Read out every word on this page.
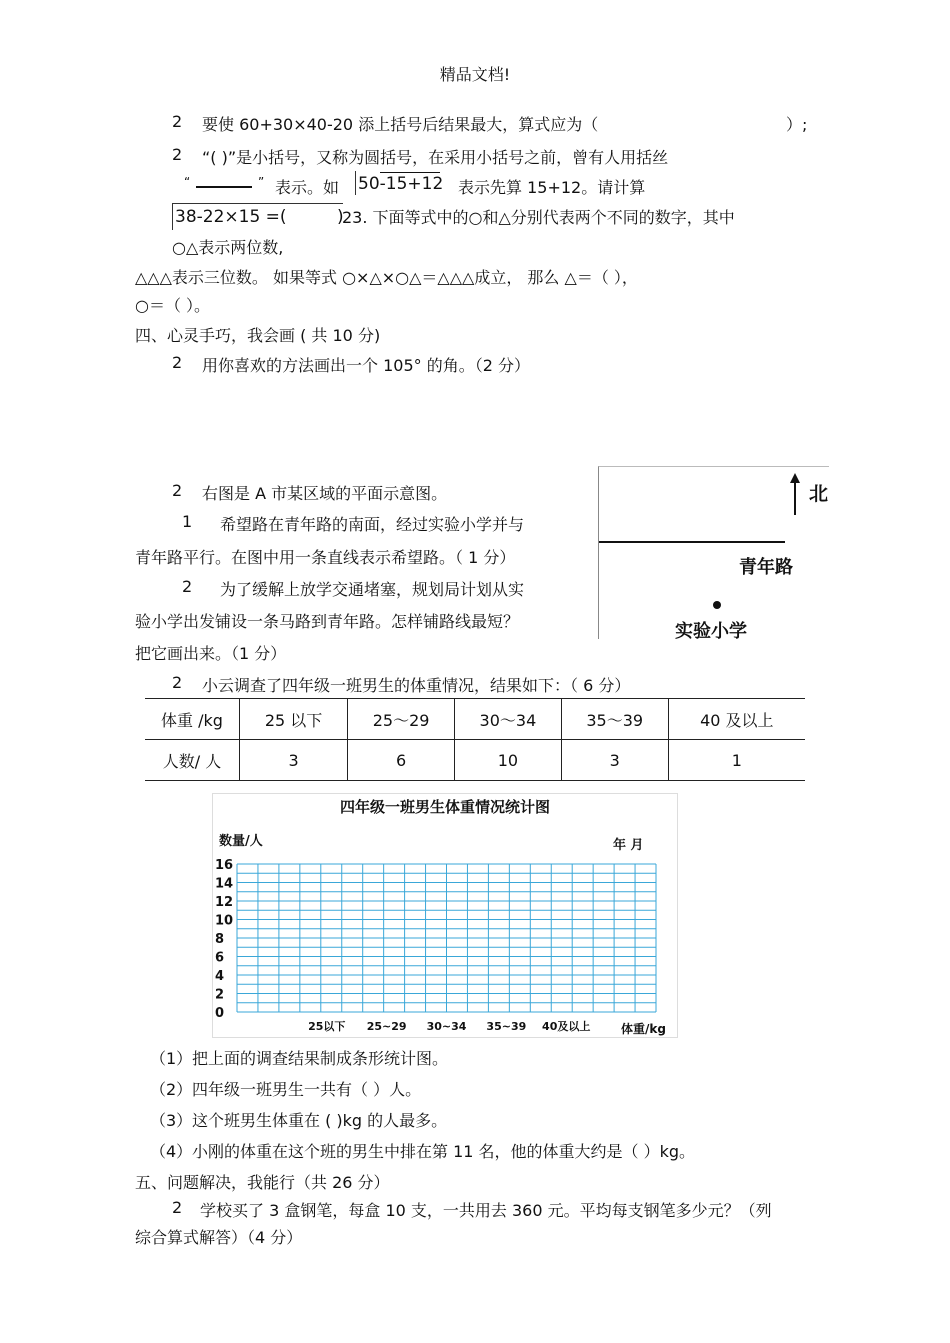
精品文档!
2 要使 60+30×40-20 添上括号后结果最大，算式应为（	）;
2 “( )”是小括号，又称为圆括号，在采用小括号之前，曾有人用括丝
“	” 表示。如 50-15+12 表示先算 15+12。请计算
38-22×15 =(	)
23. 下面等式中的○和△分别代表两个不同的数字，其中
○△表示两位数,
△△△表示三位数。 如果等式 ○×△×○△＝△△△成立， 那么 △＝（ ），
○＝（ ）。
四、心灵手巧，我会画 ( 共 10 分)
2 用你喜欢的方法画出一个 105° 的角。（2 分）
2 右图是 A 市某区域的平面示意图。
1 希望路在青年路的南面，经过实验小学并与
青年路平行。在图中用一条直线表示希望路。（ 1 分）
2 为了缓解上放学交通堵塞，规划局计划从实
验小学出发铺设一条马路到青年路。怎样铺路线最短？
把它画出来。（1 分）
北
青年路
实验小学
2 小云调查了四年级一班男生的体重情况，结果如下：（ 6 分）
体重 /kg	25 以下	25～29	30～34	35～39	40 及以上
人数/ 人	3	6	10	3	1
四年级一班男生体重情况统计图
数量/人	年 月
0
2
4
6
8
10
12
14
16
25以下 25~29 30~34 35~39 40及以上	体重/kg
（1） 把上面的调查结果制成条形统计图。
（2） 四年级一班男生一共有（ ）人。
（3） 这个班男生体重在 ( )kg 的人最多。
（4） 小刚的体重在这个班的男生中排在第 11 名，他的体重大约是（ ）kg。
五、问题解决，我能行（共 26 分）
2 学校买了 3 盒钢笔，每盒 10 支，一共用去 360 元。平均每支钢笔多少元？（列
综合算式解答）（4 分）
